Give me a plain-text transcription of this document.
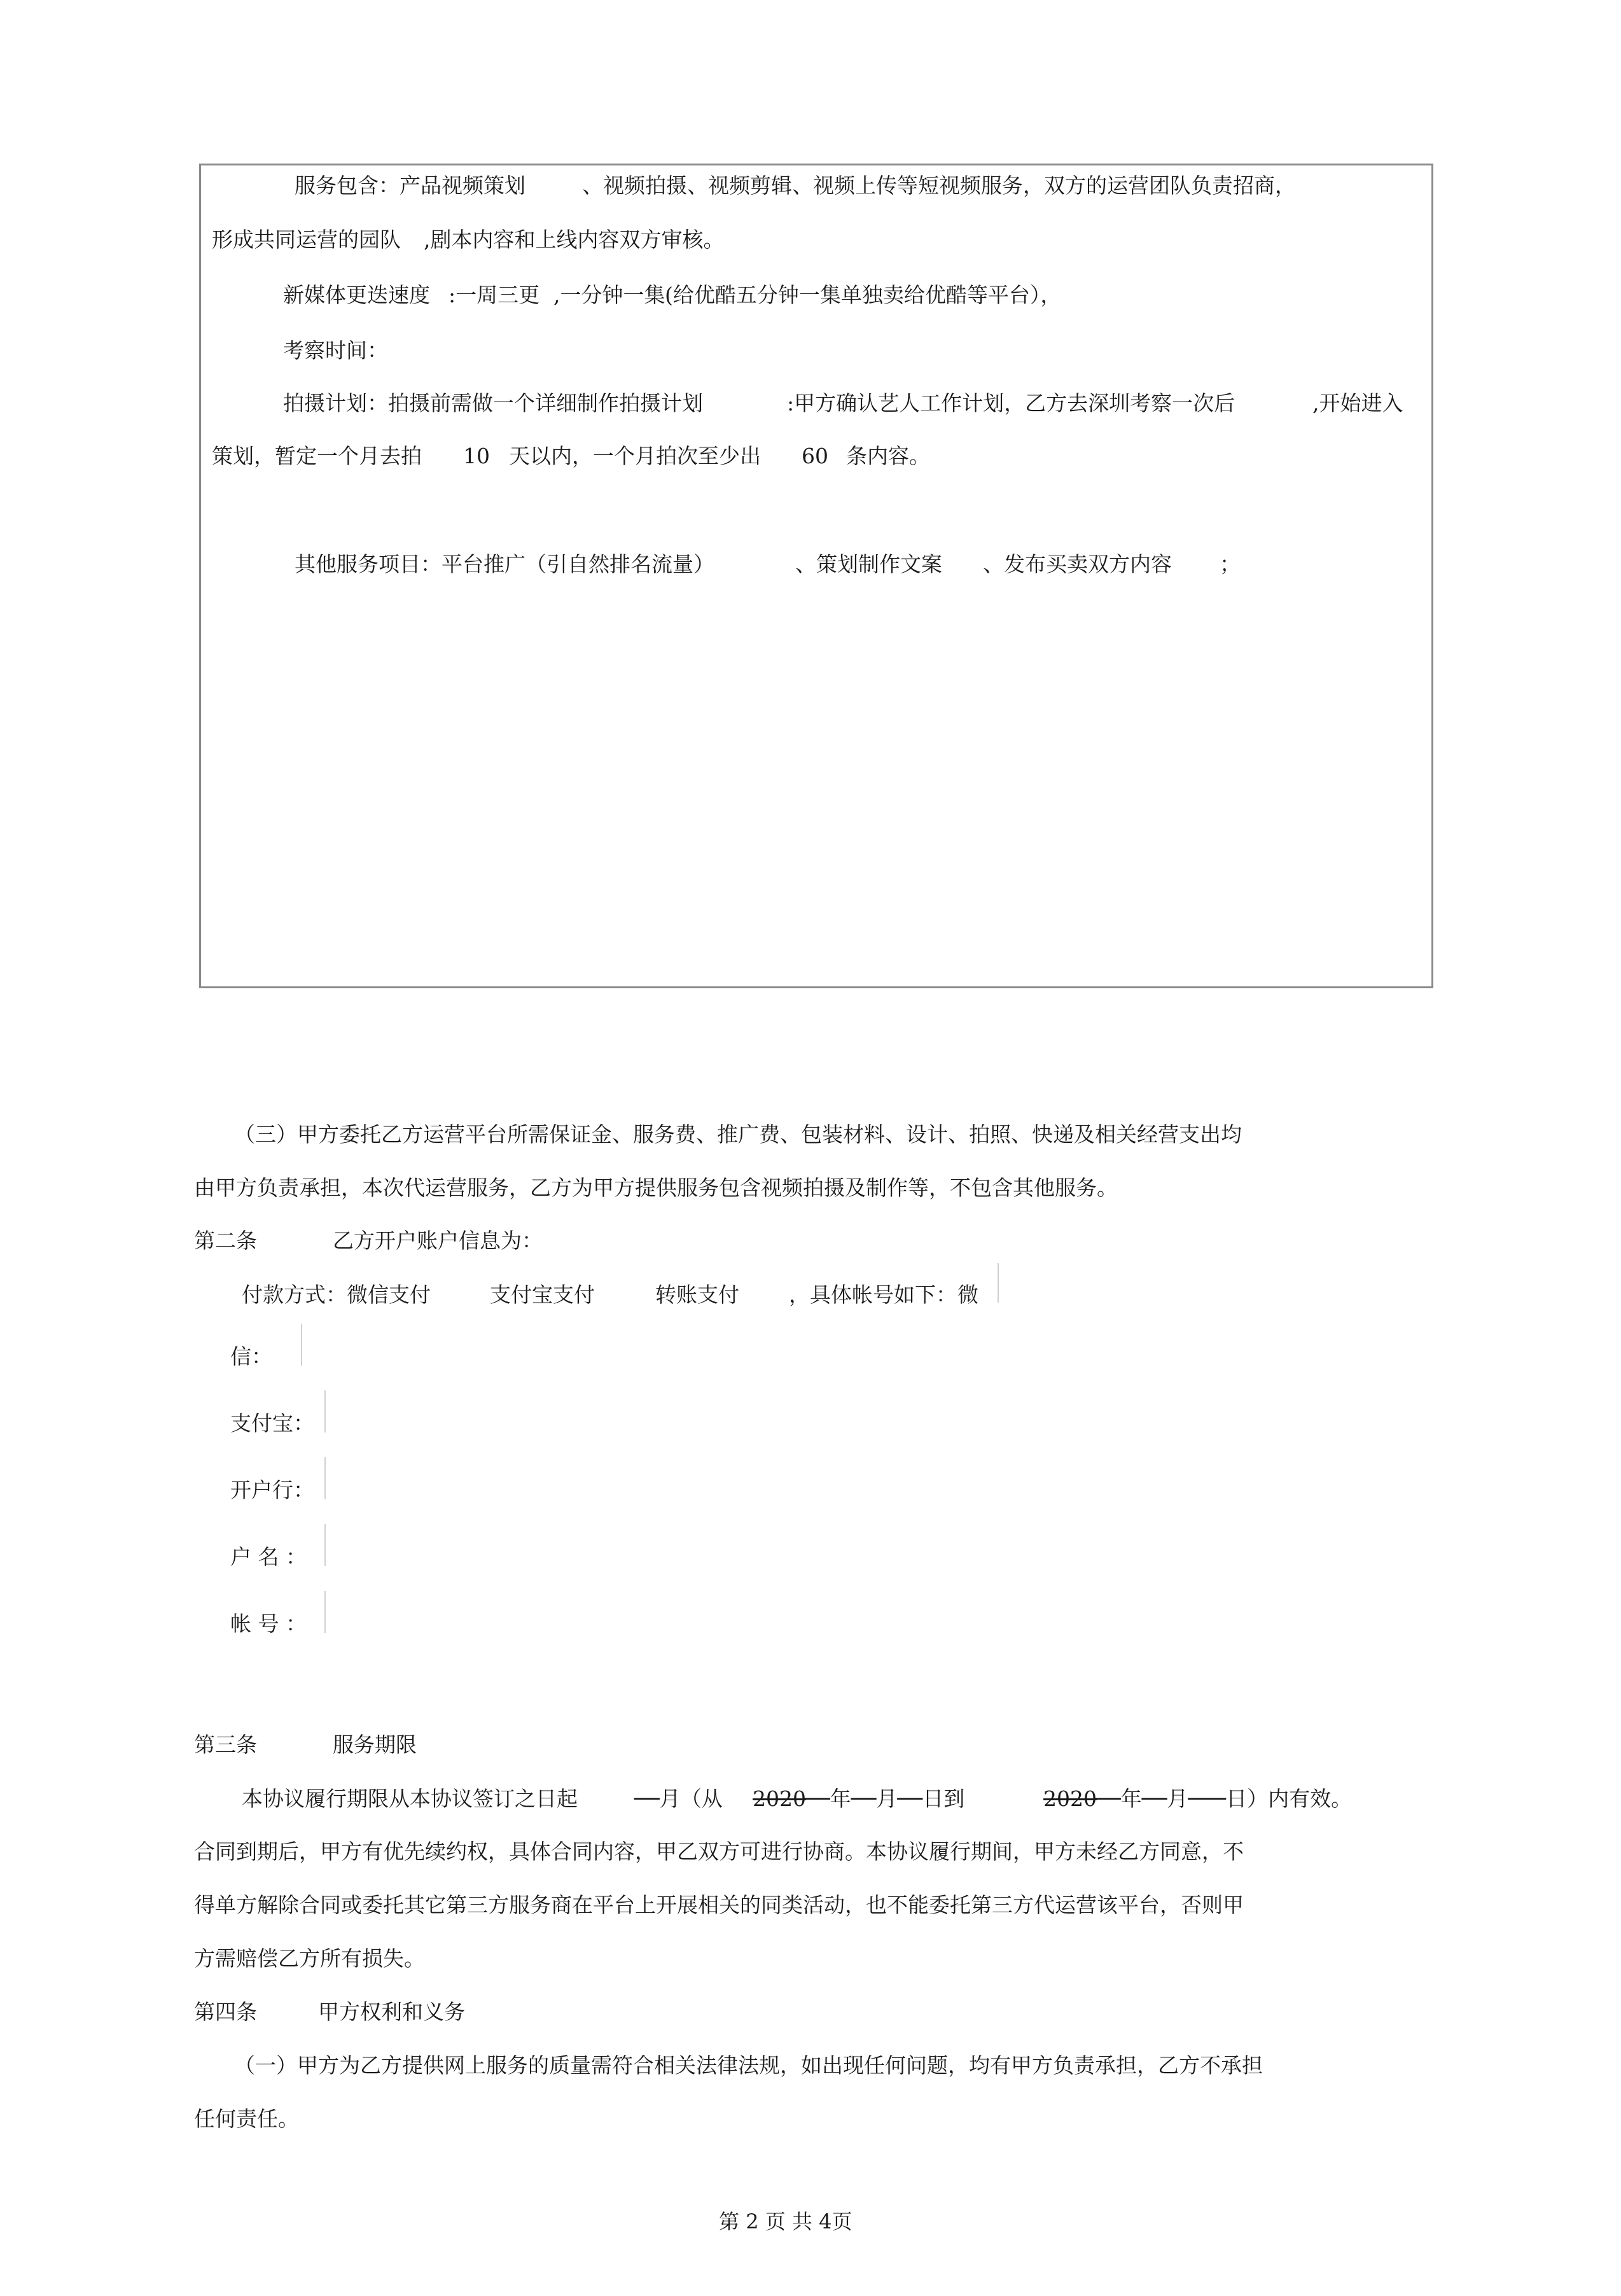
服务包含：产品视频策划	、视频拍摄、视频剪辑、视频上传等短视频服务，双方的运营团队负责招商，
形成共同运营的园队 ,剧本内容和上线内容双方审核。
新媒体更迭速度 :一周三更 ,一分钟一集 (给优酷五分钟一集单独卖给优酷等平台），
考察时间：
拍摄计划：拍摄前需做一个详细制作拍摄计划	:甲方确认艺人工作计划，乙方去深圳考察一次后	,开始进入
策划，暂定一个月去拍 10 天以内，一个月拍次至少出 60 条内容。
其他服务项目：平台推广（引自然排名流量）	、策划制作文案 、发布买卖双方内容 ；
（三）甲方委托乙方运营平台所需保证金、服务费、推广费、包装材料、设计、拍照、快递及相关经营支出均
由甲方负责承担，本次代运营服务，乙方为甲方提供服务包含视频拍摄及制作等，不包含其他服务。
第二条	乙方开户账户信息为：
付款方式：微信支付	支付宝支付	转账支付 ，具体帐号如下： 微
信：
支付宝：
开户行：
户 名 ：
帐 号 ：
第三条	服务期限
本协议履行期限从本协议签订之日起	──月（从 2020
──年──月──日到	2020
──年──月───日）内有效。
合同到期后，甲方有优先续约权，具体合同内容，甲乙双方可进行协商。本协议履行期间，甲方未经乙方同意，不
得单方解除合同或委托其它第三方服务商在平台上开展相关的同类活动，也不能委托第三方代运营该平台，否则甲
方需赔偿乙方所有损失。
第四条	甲方权利和义务
（一）甲方为乙方提供网上服务的质量需符合相关法律法规，如出现任何问题，均有甲方负责承担，乙方不承担
任何责任。
第 2 页 共 4页
